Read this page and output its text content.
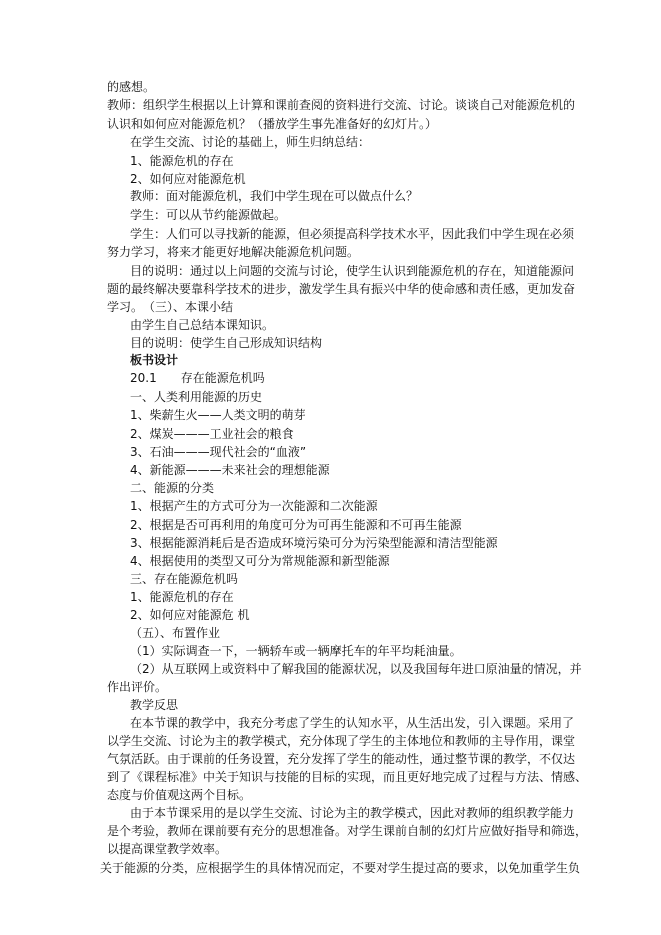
的感想。
教师：组织学生根据以上计算和课前查阅的资料进行交流、讨论。谈谈自己对能源危机的
认识和如何应对能源危机？（播放学生事先准备好的幻灯片。）
在学生交流、讨论的基础上，师生归纳总结：
1、能源危机的存在
2、如何应对能源危机
教师：面对能源危机，我们中学生现在可以做点什么？
学生：可以从节约能源做起。
学生：人们可以寻找新的能源，但必须提高科学技术水平，因此我们中学生现在必须
努力学习，将来才能更好地解决能源危机问题。
目的说明：通过以上问题的交流与讨论，使学生认识到能源危机的存在，知道能源问
题的最终解决要靠科学技术的进步，激发学生具有振兴中华的使命感和责任感，更加发奋
学习。　（三）、本课小结
由学生自己总结本课知识。
目的说明：使学生自己形成知识结构
板书设计
20.1　　存在能源危机吗
一、人类利用能源的历史
1、柴薪生火——人类文明的萌芽
2、煤炭———工业社会的粮食
3、石油———现代社会的“血液”
4、新能源———未来社会的理想能源
二、能源的分类
1、根据产生的方式可分为一次能源和二次能源
2、根据是否可再利用的角度可分为可再生能源和不可再生能源
3、根据能源消耗后是否造成环境污染可分为污染型能源和清洁型能源
4、根据使用的类型又可分为常规能源和新型能源
三、存在能源危机吗
1、能源危机的存在
2、如何应对能源危 机
（五）、布置作业
（1）实际调查一下，一辆轿车或一辆摩托车的年平均耗油量。
（2）从互联网上或资料中了解我国的能源状况，以及我国每年进口原油量的情况，并
作出评价。
教学反思
在本节课的教学中，我充分考虑了学生的认知水平，从生活出发，引入课题。采用了
以学生交流、讨论为主的教学模式，充分体现了学生的主体地位和教师的主导作用，课堂
气氛活跃。由于课前的任务设置，充分发挥了学生的能动性，通过整节课的教学，不仅达
到了《课程标准》中关于知识与技能的目标的实现，而且更好地完成了过程与方法、情感、
态度与价值观这两个目标。
由于本节课采用的是以学生交流、讨论为主的教学模式，因此对教师的组织教学能力
是个考验，教师在课前要有充分的思想准备。对学生课前自制的幻灯片应做好指导和筛选，
以提高课堂教学效率。
关于能源的分类，应根据学生的具体情况而定，不要对学生提过高的要求，以免加重学生负
